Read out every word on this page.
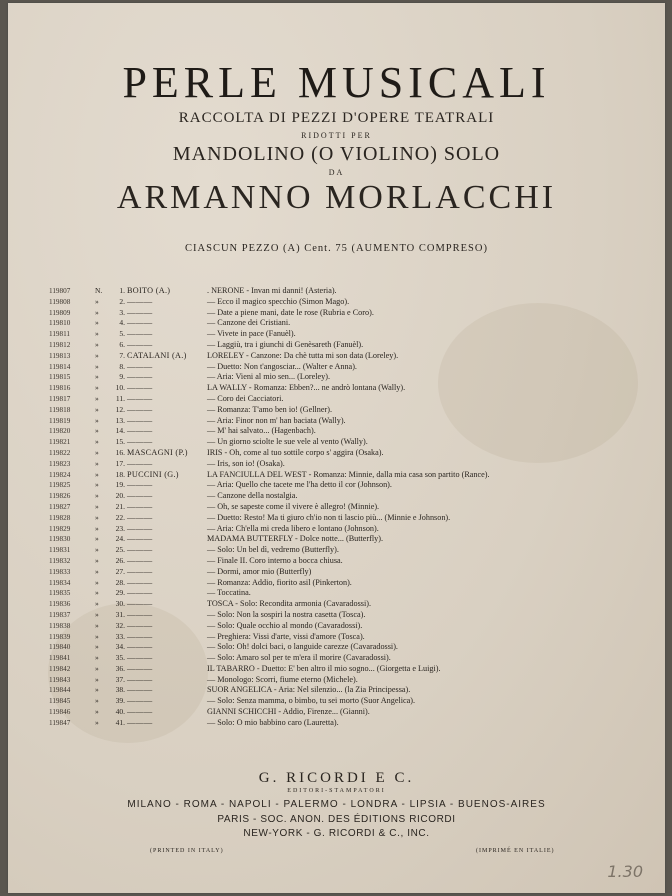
PERLE MUSICALI
RACCOLTA DI PEZZI D'OPERE TEATRALI
RIDOTTI PER
MANDOLINO (O VIOLINO) SOLO
DA
ARMANNO MORLACCHI
CIASCUN PEZZO (A) Cent. 75 (AUMENTO COMPRESO)
119807	N.	1. BOITO (A.)	. NERONE - Invan mi danni! (Asteria).
119808	»	2. ———	— Ecco il magico specchio (Simon Mago).
119809	»	3. ———	— Date a piene mani, date le rose (Rubria e Coro).
119810	»	4. ———	— Canzone dei Cristiani.
119811	»	5. ———	— Vivete in pace (Fanuèl).
119812	»	6. ———	— Laggiù, tra i giunchi di Genèsareth (Fanuèl).
119813	»	7. CATALANI (A.)	LORELEY - Canzone: Da chè tutta mi son data (Loreley).
119814	»	8. ———	— Duetto: Non t'angosciar... (Walter e Anna).
119815	»	9. ———	— Aria: Vieni al mio sen... (Loreley).
119816	»	10. ———	LA WALLY - Romanza: Ebben?... ne andrò lontana (Wally).
119817	»	11. ———	— Coro dei Cacciatori.
119818	»	12. ———	— Romanza: T'amo ben io! (Gellner).
119819	»	13. ———	— Aria: Finor non m' han baciata (Wally).
119820	»	14. ———	— M' hai salvato... (Hagenbach).
119821	»	15. ———	— Un giorno sciolte le sue vele al vento (Wally).
119822	»	16. MASCAGNI (P.)	IRIS - Oh, come al tuo sottile corpo s' aggira (Osaka).
119823	»	17. ———	— Iris, son io! (Osaka).
119824	»	18. PUCCINI (G.)	LA FANCIULLA DEL WEST - Romanza: Minnie, dalla mia casa son partito (Rance).
119825	»	19. ———	— Aria: Quello che tacete me l'ha detto il cor (Johnson).
119826	»	20. ———	— Canzone della nostalgia.
119827	»	21. ———	— Oh, se sapeste come il vivere è allegro! (Minnie).
119828	»	22. ———	— Duetto: Resto! Ma ti giuro ch'io non ti lascio più... (Minnie e Johnson).
119829	»	23. ———	— Aria: Ch'ella mi creda libero e lontano (Johnson).
119830	»	24. ———	MADAMA BUTTERFLY - Dolce notte... (Butterfly).
119831	»	25. ———	— Solo: Un bel dì, vedremo (Butterfly).
119832	»	26. ———	— Finale II. Coro interno a bocca chiusa.
119833	»	27. ———	— Dormi, amor mio (Butterfly)
119834	»	28. ———	— Romanza: Addio, fiorito asil (Pinkerton).
119835	»	29. ———	— Toccatina.
119836	»	30. ———	TOSCA - Solo: Recondita armonia (Cavaradossi).
119837	»	31. ———	— Solo: Non la sospiri la nostra casetta (Tosca).
119838	»	32. ———	— Solo: Quale occhio al mondo (Cavaradossi).
119839	»	33. ———	— Preghiera: Vissi d'arte, vissi d'amore (Tosca).
119840	»	34. ———	— Solo: Oh! dolci baci, o languide carezze (Cavaradossi).
119841	»	35. ———	— Solo: Amaro sol per te m'era il morire (Cavaradossi).
119842	»	36. ———	IL TABARRO - Duetto: E' ben altro il mio sogno... (Giorgetta e Luigi).
119843	»	37. ———	— Monologo: Scorri, fiume eterno (Michele).
119844	»	38. ———	SUOR ANGELICA - Aria: Nel silenzio... (la Zia Principessa).
119845	»	39. ———	— Solo: Senza mamma, o bimbo, tu sei morto (Suor Angelica).
119846	»	40. ———	GIANNI SCHICCHI - Addio, Firenze... (Gianni).
119847	»	41. ———	— Solo: O mio babbino caro (Lauretta).
G. RICORDI E C.
EDITORI-STAMPATORI
MILANO - ROMA - NAPOLI - PALERMO - LONDRA - LIPSIA - BUENOS-AIRES
PARIS - SOC. ANON. DES ÉDITIONS RICORDI
NEW-YORK - G. RICORDI & C., INC.
(PRINTED IN ITALY)	(IMPRIMÉ EN ITALIE)
1.30
